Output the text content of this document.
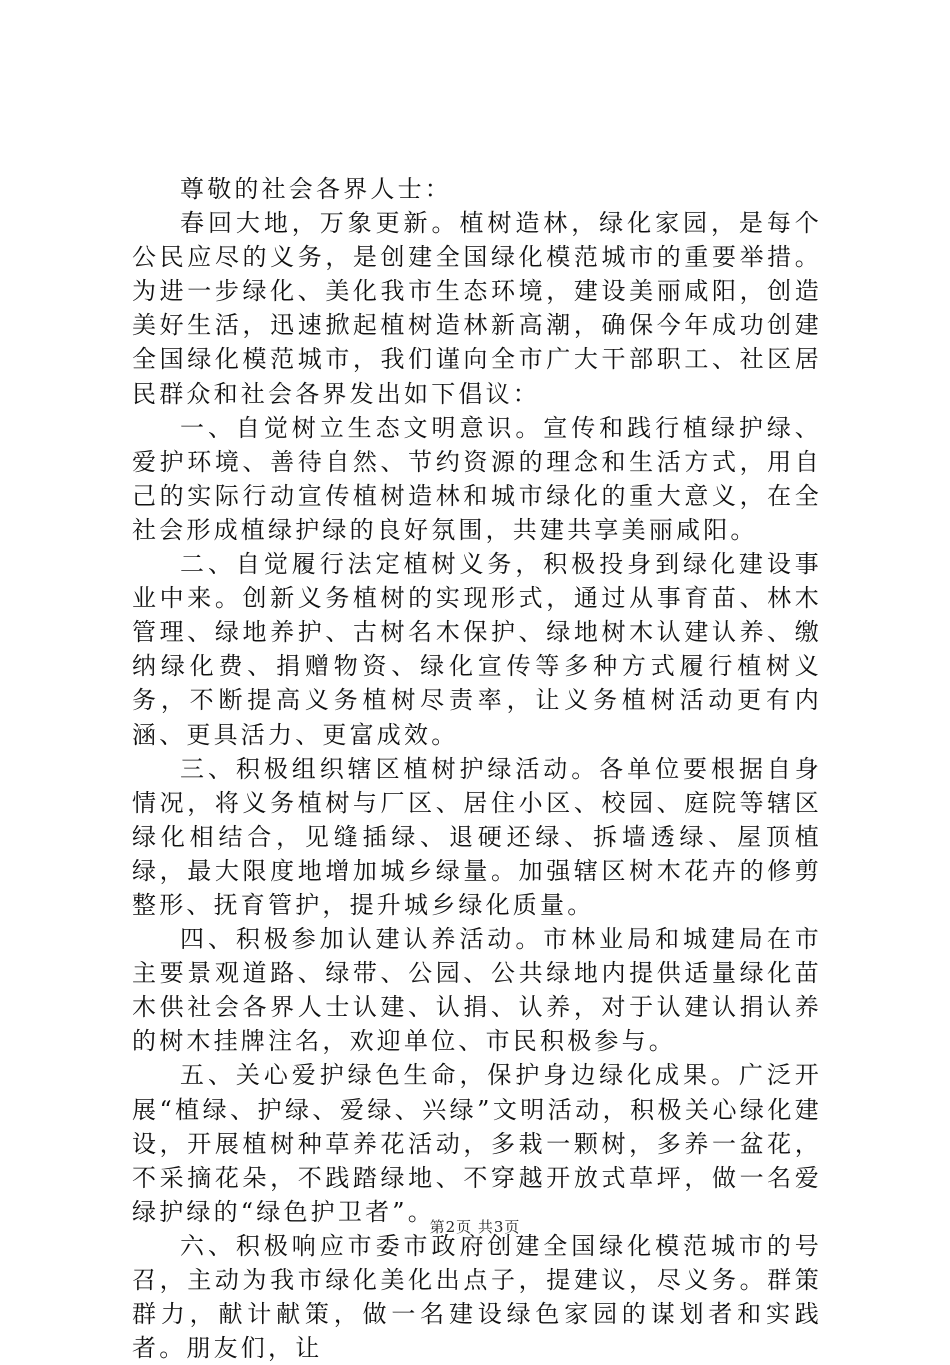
尊敬的社会各界人士：

春回大地，万象更新。植树造林，绿化家园，是每个公民应尽的义务，是创建全国绿化模范城市的重要举措。为进一步绿化、美化我市生态环境，建设美丽咸阳，创造美好生活，迅速掀起植树造林新高潮，确保今年成功创建全国绿化模范城市，我们谨向全市广大干部职工、社区居民群众和社会各界发出如下倡议：

一、自觉树立生态文明意识。宣传和践行植绿护绿、爱护环境、善待自然、节约资源的理念和生活方式，用自己的实际行动宣传植树造林和城市绿化的重大意义，在全社会形成植绿护绿的良好氛围，共建共享美丽咸阳。

二、自觉履行法定植树义务，积极投身到绿化建设事业中来。创新义务植树的实现形式，通过从事育苗、林木管理、绿地养护、古树名木保护、绿地树木认建认养、缴纳绿化费、捐赠物资、绿化宣传等多种方式履行植树义务，不断提高义务植树尽责率，让义务植树活动更有内涵、更具活力、更富成效。

三、积极组织辖区植树护绿活动。各单位要根据自身情况，将义务植树与厂区、居住小区、校园、庭院等辖区绿化相结合，见缝插绿、退硬还绿、拆墙透绿、屋顶植绿，最大限度地增加城乡绿量。加强辖区树木花卉的修剪整形、抚育管护，提升城乡绿化质量。

四、积极参加认建认养活动。市林业局和城建局在市主要景观道路、绿带、公园、公共绿地内提供适量绿化苗木供社会各界人士认建、认捐、认养，对于认建认捐认养的树木挂牌注名，欢迎单位、市民积极参与。

五、关心爱护绿色生命，保护身边绿化成果。广泛开展“植绿、护绿、爱绿、兴绿”文明活动，积极关心绿化建设，开展植树种草养花活动，多栽一颗树，多养一盆花，不采摘花朵，不践踏绿地、不穿越开放式草坪，做一名爱绿护绿的“绿色护卫者”。

六、积极响应市委市政府创建全国绿化模范城市的号召，主动为我市绿化美化出点子，提建议，尽义务。群策群力，献计献策，做一名建设绿色家园的谋划者和实践者。朋友们，让

第2页 共3页
